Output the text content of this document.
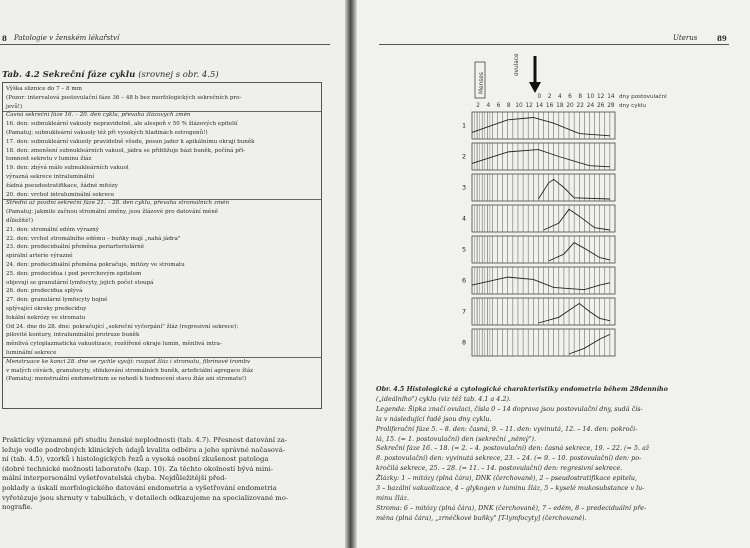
8 Patologie v ženském lékařství
Tab. 4.2 Sekreční fáze cyklu (srovnej s obr. 4.5)
Výška sliznice do 7 – 8 mm
(Pozor: intervalová postovulační fáze 36 – 48 h bez morfologických sekrečních pro-
jevů!)
Časná sekreční fáze 16. – 20. den cyklu, převaha žlázových změn
16. den: subnukleární vakuoly nepravidelně, ale alespoň v 50 % žlázových epitelií
(Pamatuj: subnukleární vakuoly též při vysokých hladinách estrogenů!)
17. den: subnukleární vakuoly pravidelně všude, posun jader k apikálnímu okraji buněk
18. den: zmenšení subnukleárních vakuol, jádra se přibližuje bázi buněk, počíná pří-
tomnost sekretu v luminu žláz
19. den: zbývá málo subnukleárních vakuol
výrazná sekrece intraluminální
žádná pseudostratifikace, žádné mitózy
20. den: vrchol intraluminální sekrece
Střední až pozdní sekreční fáze 21. – 28. den cyklu, převaha stromálních změn
(Pamatuj: jakmile začnou stromální změny, jsou žlázové pro datování méně
důležité!)
21. den: stromální edém výrazný
22. den: vrchol stromálního edému – buňky mají „nahá jádra"
23. den: predeciduální přeměna periarteriolárně
spirální arterie výrazné
24. den: predeciduální přeměna pokračuje, mitózy ve stromatu
25. den: predecidua i pod povrchovým epitelem
objevují se granulární lymfocyty, jejich počet stoupá
26. den: predecidua splývá
27. den: granulární lymfocyty hojné
splývající okrsky predeciduy
fokální nekrózy ve stromatu
Od 24. dne do 28. dne: pokračující „sekreční vyčerpání" žláz (regresivní sekrece):
pilovité kontury, intraluminální protruze buněk
měnlivá cytoplazmatická vakuolizace, rozšířené okraje lumin, měnlivá intra-
luminální sekrece
Menstruace ke konci 28. dne se rychle vyvíjí: rozpad žláz i stromatu, fibrinové trombv
v malých cévách, granulocyty, shlukování stromálních buněk, arteficiální agregace žláz
(Pamatuj: menstruální endometrium se nehodí k hodnocení stavu žláz ani stromatu!)
Prakticky významné při studiu ženské neplodnosti (tab. 4.7). Přesnost datování za-
ležuje vedle podrobných klinických údajů kvalita odběru a jeho správné načasová-
ní (tab. 4.5), vzorků i histologických řezů a vysoká osobní zkušenost patologa
(dobré technické možnosti laboratoře (kap. 10). Za těchto okolností bývá mini-
mální interpersonální vyšetřovatelská chyba. Nejdůležitější před-
poklady a úskalí morfologického datování endometria a vyšetřování endometria
vyřetězuje jsou shrnuty v tabulkách, v detailech odkazujeme na specializované mo-
nografie.
Uterus	89
Menses
ovulace
dny postovulační
dny cyklu
0 2 4 6 8 10 12 14
2 4 6 8 10 12 14 16 18 20 22 24 26 28
1
2
3
4
5
6
7
8
Obr. 4.5 Histologické a cytologické charakteristiky endometria během 28denního
(„ideálního") cyklu (viz též tab. 4.1 a 4.2).
Legenda: Šipka značí ovulaci, čísla 0 – 14 doprava jsou postovulační dny, sudá čís-
la v následující řadě jsou dny cyklu.
Proliferační fáze 5. – 8. den: časná, 9. – 11. den: vyvinutá, 12. – 14. den: pokroči-
lá, 15. (= 1. postovulační) den (sekreční „němý").
Sekreční fáze 16. – 18. (= 2. – 4. postovulační) den: časná sekrece, 19. – 22. (= 5. až
8. postovulační) den: vyvinutá sekrece, 23. – 24. (= 9. – 10. postovulační) den: po-
kročilá sekrece, 25. – 28. (= 11. – 14. postovulační) den: regresivní sekrece.
Žlázky: 1 – mitózy (plná čára), DNK (čerchovaně), 2 – pseudostratifikace epitelu,
3 – bazální vakuolizace, 4 – glykogen v luminu žláz, 5 – kyselé mukosubstance v lu-
minu žláz.
Stroma: 6 – mitózy (plná čára), DNK (čerchovaně), 7 – edém, 8 – predeciduální pře-
měna (plná čára), „zrnéčkové buňky" [T-lymfocyty] (čerchovaně).
